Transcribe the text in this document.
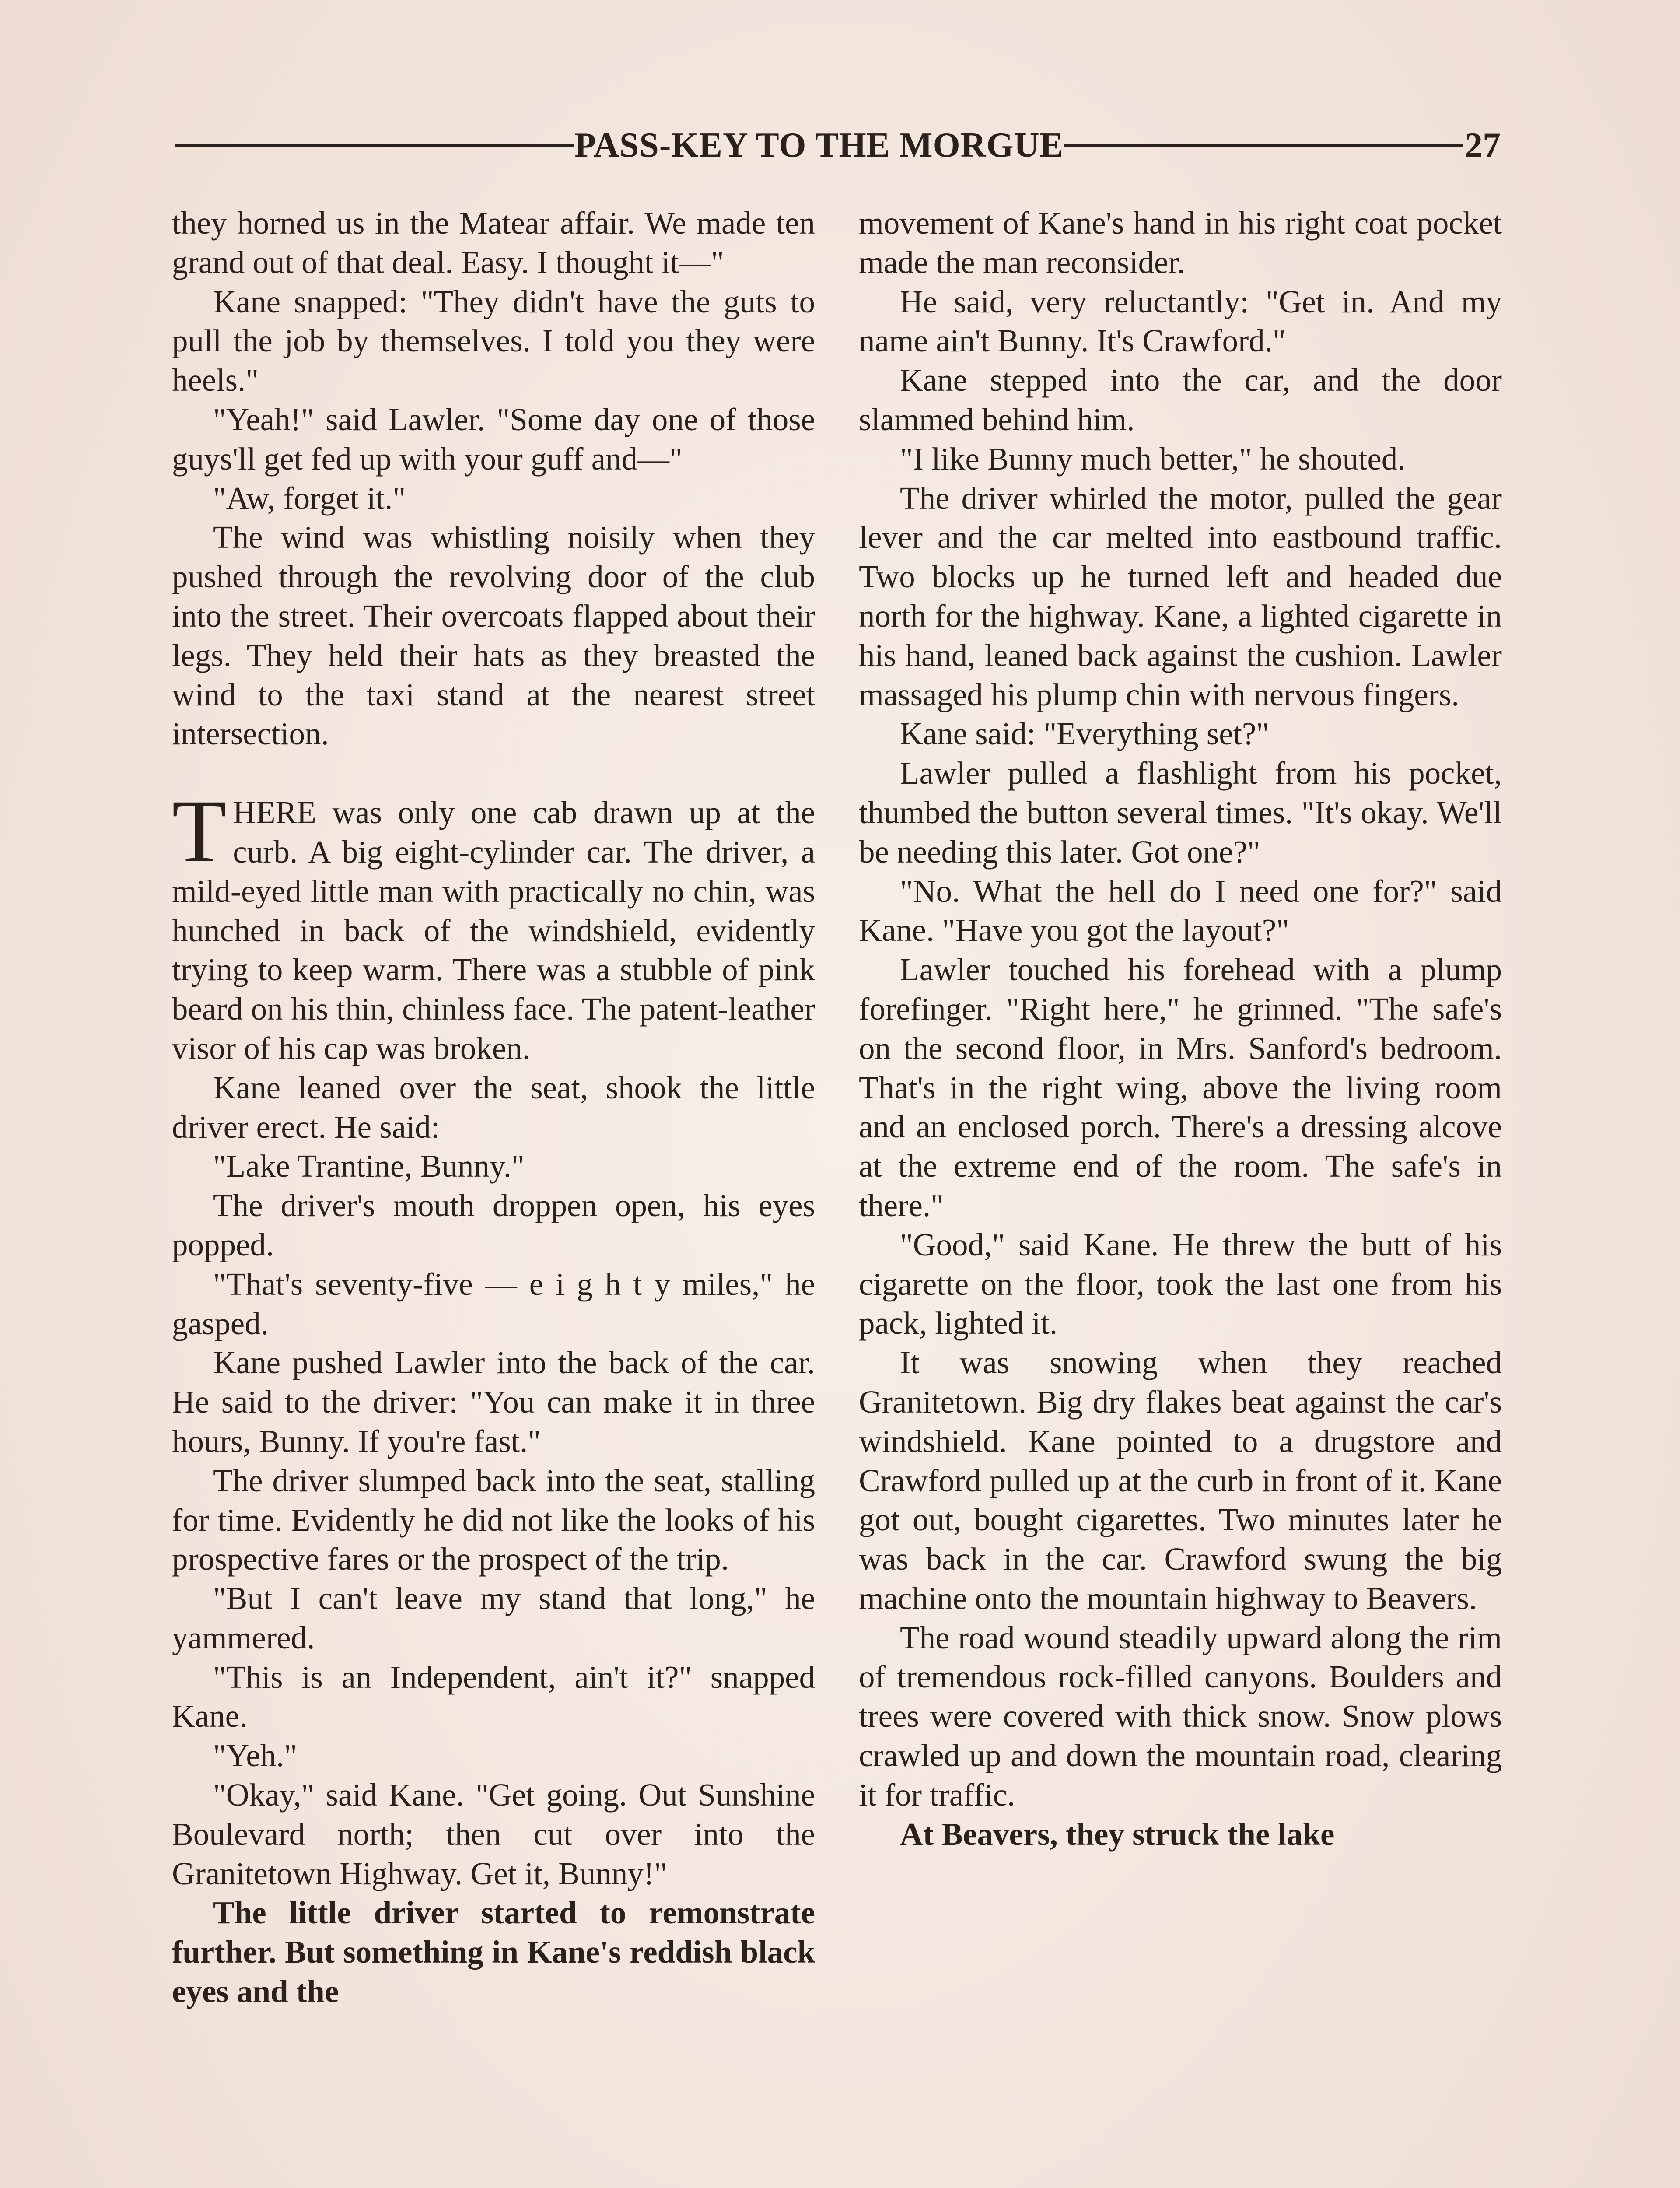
PASS-KEY TO THE MORGUE	27

they horned us in the Matear affair. We made ten grand out of that deal. Easy. I thought it—"

Kane snapped: "They didn't have the guts to pull the job by themselves. I told you they were heels."

"Yeah!" said Lawler. "Some day one of those guys'll get fed up with your guff and—"

"Aw, forget it."

The wind was whistling noisily when they pushed through the revolving door of the club into the street. Their overcoats flapped about their legs. They held their hats as they breasted the wind to the taxi stand at the nearest street intersection.

THERE was only one cab drawn up at the curb. A big eight-cylinder car. The driver, a mild-eyed little man with practically no chin, was hunched in back of the windshield, evidently trying to keep warm. There was a stubble of pink beard on his thin, chinless face. The patent-leather visor of his cap was broken.

Kane leaned over the seat, shook the little driver erect. He said:

"Lake Trantine, Bunny."

The driver's mouth droppen open, his eyes popped.

"That's seventy-five — e i g h t y miles," he gasped.

Kane pushed Lawler into the back of the car. He said to the driver: "You can make it in three hours, Bunny. If you're fast."

The driver slumped back into the seat, stalling for time. Evidently he did not like the looks of his prospective fares or the prospect of the trip.

"But I can't leave my stand that long," he yammered.

"This is an Independent, ain't it?" snapped Kane.

"Yeh."

"Okay," said Kane. "Get going. Out Sunshine Boulevard north; then cut over into the Granitetown Highway. Get it, Bunny!"

The little driver started to remonstrate further. But something in Kane's reddish black eyes and the

movement of Kane's hand in his right coat pocket made the man reconsider.

He said, very reluctantly: "Get in. And my name ain't Bunny. It's Crawford."

Kane stepped into the car, and the door slammed behind him.

"I like Bunny much better," he shouted.

The driver whirled the motor, pulled the gear lever and the car melted into eastbound traffic. Two blocks up he turned left and headed due north for the highway. Kane, a lighted cigarette in his hand, leaned back against the cushion. Lawler massaged his plump chin with nervous fingers.

Kane said: "Everything set?"

Lawler pulled a flashlight from his pocket, thumbed the button several times. "It's okay. We'll be needing this later. Got one?"

"No. What the hell do I need one for?" said Kane. "Have you got the layout?"

Lawler touched his forehead with a plump forefinger. "Right here," he grinned. "The safe's on the second floor, in Mrs. Sanford's bedroom. That's in the right wing, above the living room and an enclosed porch. There's a dressing alcove at the extreme end of the room. The safe's in there."

"Good," said Kane. He threw the butt of his cigarette on the floor, took the last one from his pack, lighted it.

It was snowing when they reached Granitetown. Big dry flakes beat against the car's windshield. Kane pointed to a drugstore and Crawford pulled up at the curb in front of it. Kane got out, bought cigarettes. Two minutes later he was back in the car. Crawford swung the big machine onto the mountain highway to Beavers.

The road wound steadily upward along the rim of tremendous rock-filled canyons. Boulders and trees were covered with thick snow. Snow plows crawled up and down the mountain road, clearing it for traffic.

At Beavers, they struck the lake
